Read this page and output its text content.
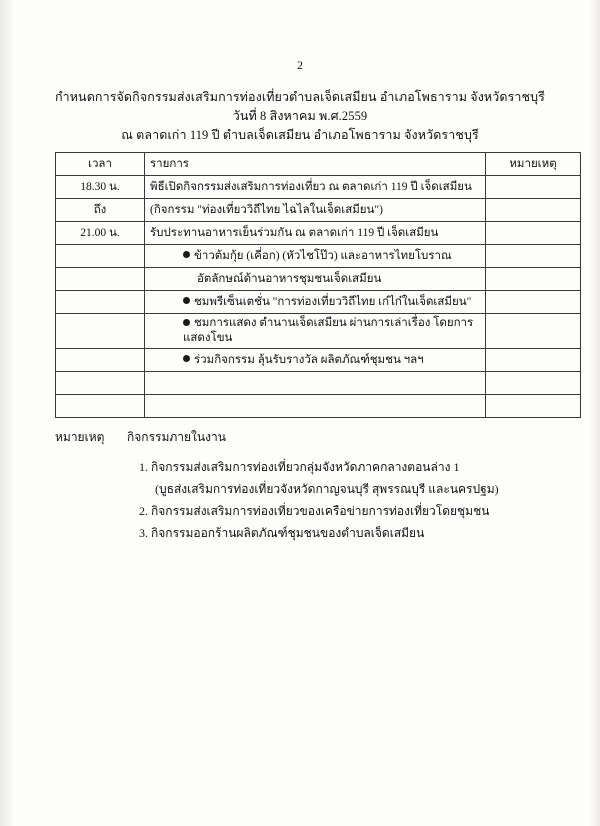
2
กำหนดการจัดกิจกรรมส่งเสริมการท่องเที่ยวตำบลเจ็ดเสมียน อำเภอโพธาราม จังหวัดราชบุรี
วันที่ 8 สิงหาคม พ.ศ.2559
ณ ตลาดเก่า 119 ปี ตำบลเจ็ดเสมียน อำเภอโพธาราม จังหวัดราชบุรี
เวลา	รายการ	หมายเหตุ
18.30 น.	พิธีเปิดกิจกรรมส่งเสริมการท่องเที่ยว ณ ตลาดเก่า 119 ปี เจ็ดเสมียน	
ถึง	(กิจกรรม "ท่องเที่ยววิถีไทย ไฉไลในเจ็ดเสมียน")	
21.00 น.	รับประทานอาหารเย็นร่วมกัน ณ ตลาดเก่า 119 ปี เจ็ดเสมียน	
	ข้าวต้มกุ้ย (เคี่อก) (หัวไชโป๊ว) และอาหารไทยโบราณ	
	อัตลักษณ์ด้านอาหารชุมชนเจ็ดเสมียน	
	ชมพรีเซ็นเตชั่น "การท่องเที่ยววิถีไทย เก๋ไก๋ในเจ็ดเสมียน"	
	ชมการแสดง ตำนานเจ็ดเสมียน ผ่านการเล่าเรื่อง โดยการแสดงโขน	
	ร่วมกิจกรรม ลุ้นรับรางวัล ผลิตภัณฑ์ชุมชน ฯลฯ	

หมายเหตุ กิจกรรมภายในงาน
1. กิจกรรมส่งเสริมการท่องเที่ยวกลุ่มจังหวัดภาคกลางตอนล่าง 1
(บูธส่งเสริมการท่องเที่ยวจังหวัดกาญจนบุรี สุพรรณบุรี และนครปฐม)
2. กิจกรรมส่งเสริมการท่องเที่ยวของเครือข่ายการท่องเที่ยวโดยชุมชน
3. กิจกรรมออกร้านผลิตภัณฑ์ชุมชนของตำบลเจ็ดเสมียน
